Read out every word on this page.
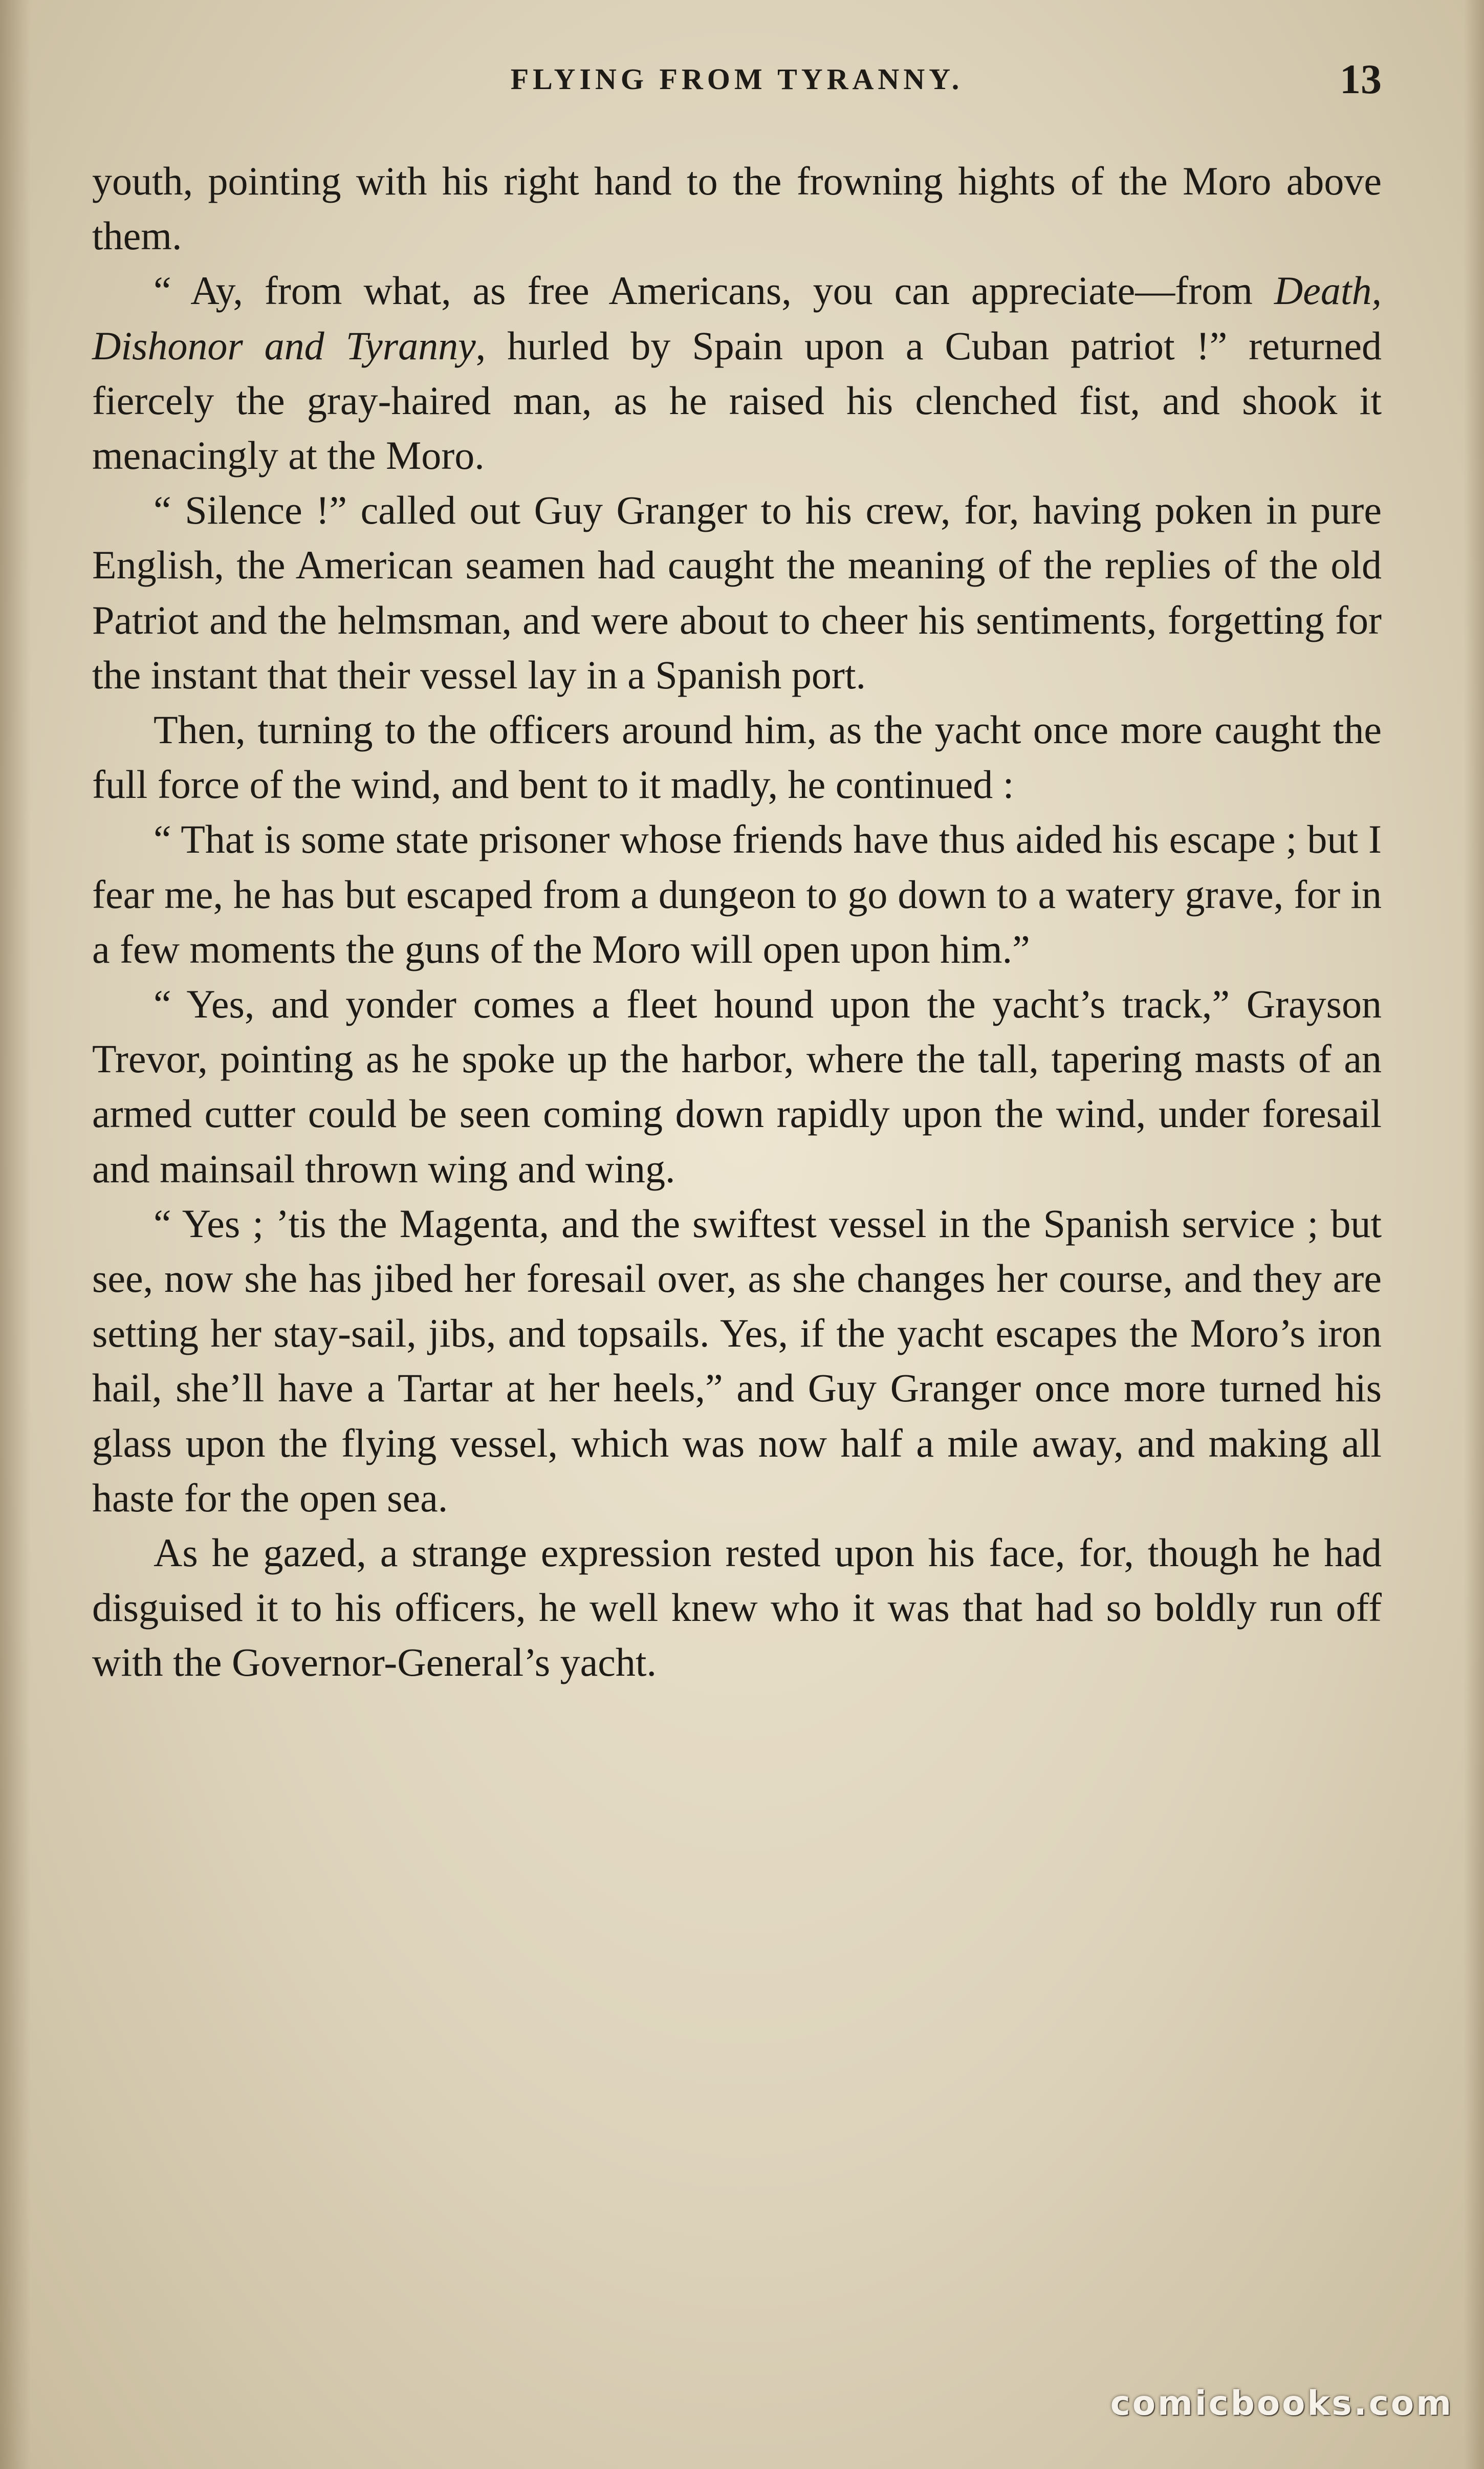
FLYING FROM TYRANNY.	13

youth, pointing with his right hand to the frowning hights of the Moro above them.

“ Ay, from what, as free Americans, you can appreciate—from Death, Dishonor and Tyranny, hurled by Spain upon a Cuban patriot !” returned fiercely the gray-haired man, as he raised his clenched fist, and shook it menacingly at the Moro.

“ Silence !” called out Guy Granger to his crew, for, having poken in pure English, the American seamen had caught the meaning of the replies of the old Patriot and the helmsman, and were about to cheer his sentiments, forgetting for the instant that their vessel lay in a Spanish port.

Then, turning to the officers around him, as the yacht once more caught the full force of the wind, and bent to it madly, he continued :

“ That is some state prisoner whose friends have thus aided his escape ; but I fear me, he has but escaped from a dungeon to go down to a watery grave, for in a few moments the guns of the Moro will open upon him.”

“ Yes, and yonder comes a fleet hound upon the yacht’s track,” Grayson Trevor, pointing as he spoke up the harbor, where the tall, tapering masts of an armed cutter could be seen coming down rapidly upon the wind, under foresail and mainsail thrown wing and wing.

“ Yes ; ’tis the Magenta, and the swiftest vessel in the Spanish service ; but see, now she has jibed her foresail over, as she changes her course, and they are setting her stay-sail, jibs, and topsails. Yes, if the yacht escapes the Moro’s iron hail, she’ll have a Tartar at her heels,” and Guy Granger once more turned his glass upon the flying vessel, which was now half a mile away, and making all haste for the open sea.

As he gazed, a strange expression rested upon his face, for, though he had disguised it to his officers, he well knew who it was that had so boldly run off with the Governor-General’s yacht.

comicbooks.com
